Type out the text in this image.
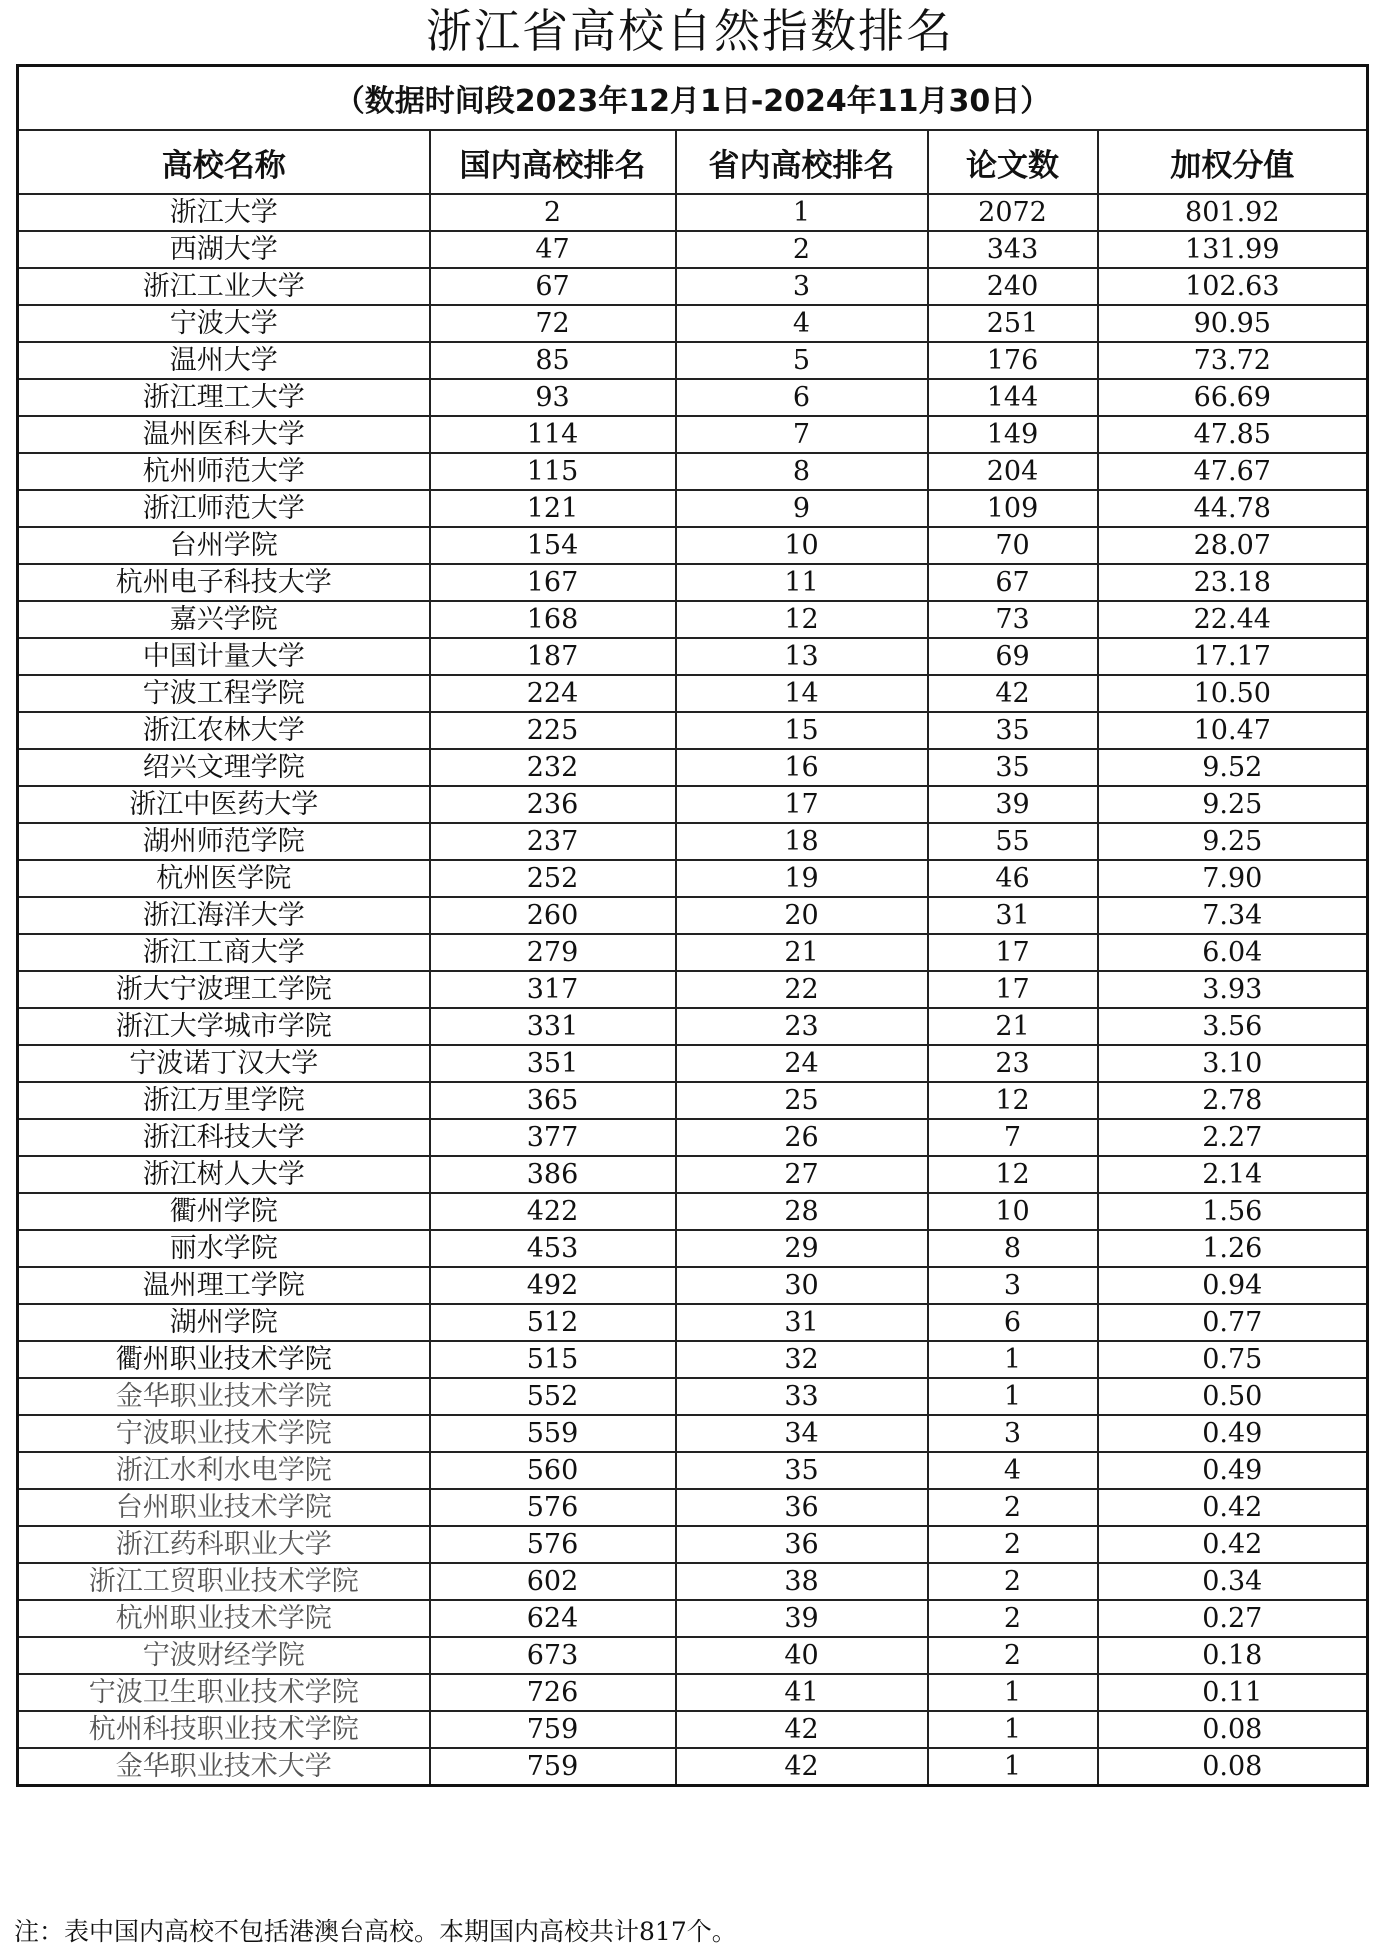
浙江省高校自然指数排名
（数据时间段2023年12月1日-2024年11月30日）				
高校名称	国内高校排名	省内高校排名	论文数	加权分值
浙江大学	2	1	2072	801.92
西湖大学	47	2	343	131.99
浙江工业大学	67	3	240	102.63
宁波大学	72	4	251	90.95
温州大学	85	5	176	73.72
浙江理工大学	93	6	144	66.69
温州医科大学	114	7	149	47.85
杭州师范大学	115	8	204	47.67
浙江师范大学	121	9	109	44.78
台州学院	154	10	70	28.07
杭州电子科技大学	167	11	67	23.18
嘉兴学院	168	12	73	22.44
中国计量大学	187	13	69	17.17
宁波工程学院	224	14	42	10.50
浙江农林大学	225	15	35	10.47
绍兴文理学院	232	16	35	9.52
浙江中医药大学	236	17	39	9.25
湖州师范学院	237	18	55	9.25
杭州医学院	252	19	46	7.90
浙江海洋大学	260	20	31	7.34
浙江工商大学	279	21	17	6.04
浙大宁波理工学院	317	22	17	3.93
浙江大学城市学院	331	23	21	3.56
宁波诺丁汉大学	351	24	23	3.10
浙江万里学院	365	25	12	2.78
浙江科技大学	377	26	7	2.27
浙江树人大学	386	27	12	2.14
衢州学院	422	28	10	1.56
丽水学院	453	29	8	1.26
温州理工学院	492	30	3	0.94
湖州学院	512	31	6	0.77
衢州职业技术学院	515	32	1	0.75
金华职业技术学院	552	33	1	0.50
宁波职业技术学院	559	34	3	0.49
浙江水利水电学院	560	35	4	0.49
台州职业技术学院	576	36	2	0.42
浙江药科职业大学	576	36	2	0.42
浙江工贸职业技术学院	602	38	2	0.34
杭州职业技术学院	624	39	2	0.27
宁波财经学院	673	40	2	0.18
宁波卫生职业技术学院	726	41	1	0.11
杭州科技职业技术学院	759	42	1	0.08
金华职业技术大学	759	42	1	0.08
注：表中国内高校不包括港澳台高校。本期国内高校共计817个。
